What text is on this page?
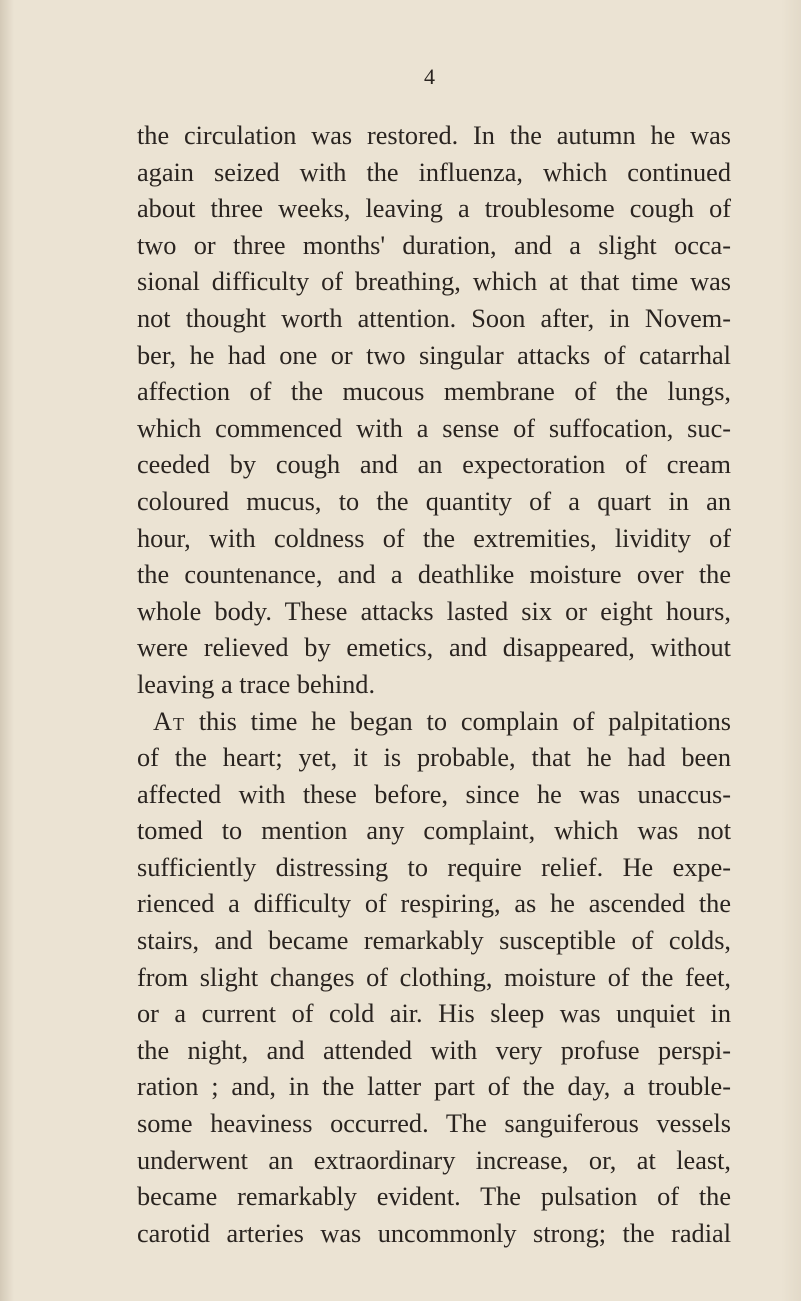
4
the circulation was restored. In the autumn he was
again seized with the influenza, which continued
about three weeks, leaving a troublesome cough of
two or three months' duration, and a slight occa-
sional difficulty of breathing, which at that time was
not thought worth attention. Soon after, in Novem-
ber, he had one or two singular attacks of catarrhal
affection of the mucous membrane of the lungs,
which commenced with a sense of suffocation, suc-
ceeded by cough and an expectoration of cream
coloured mucus, to the quantity of a quart in an
hour, with coldness of the extremities, lividity of
the countenance, and a deathlike moisture over the
whole body. These attacks lasted six or eight hours,
were relieved by emetics, and disappeared, without
leaving a trace behind.
At this time he began to complain of palpitations
of the heart; yet, it is probable, that he had been
affected with these before, since he was unaccus-
tomed to mention any complaint, which was not
sufficiently distressing to require relief. He expe-
rienced a difficulty of respiring, as he ascended the
stairs, and became remarkably susceptible of colds,
from slight changes of clothing, moisture of the feet,
or a current of cold air. His sleep was unquiet in
the night, and attended with very profuse perspi-
ration ; and, in the latter part of the day, a trouble-
some heaviness occurred. The sanguiferous vessels
underwent an extraordinary increase, or, at least,
became remarkably evident. The pulsation of the
carotid arteries was uncommonly strong; the radial
